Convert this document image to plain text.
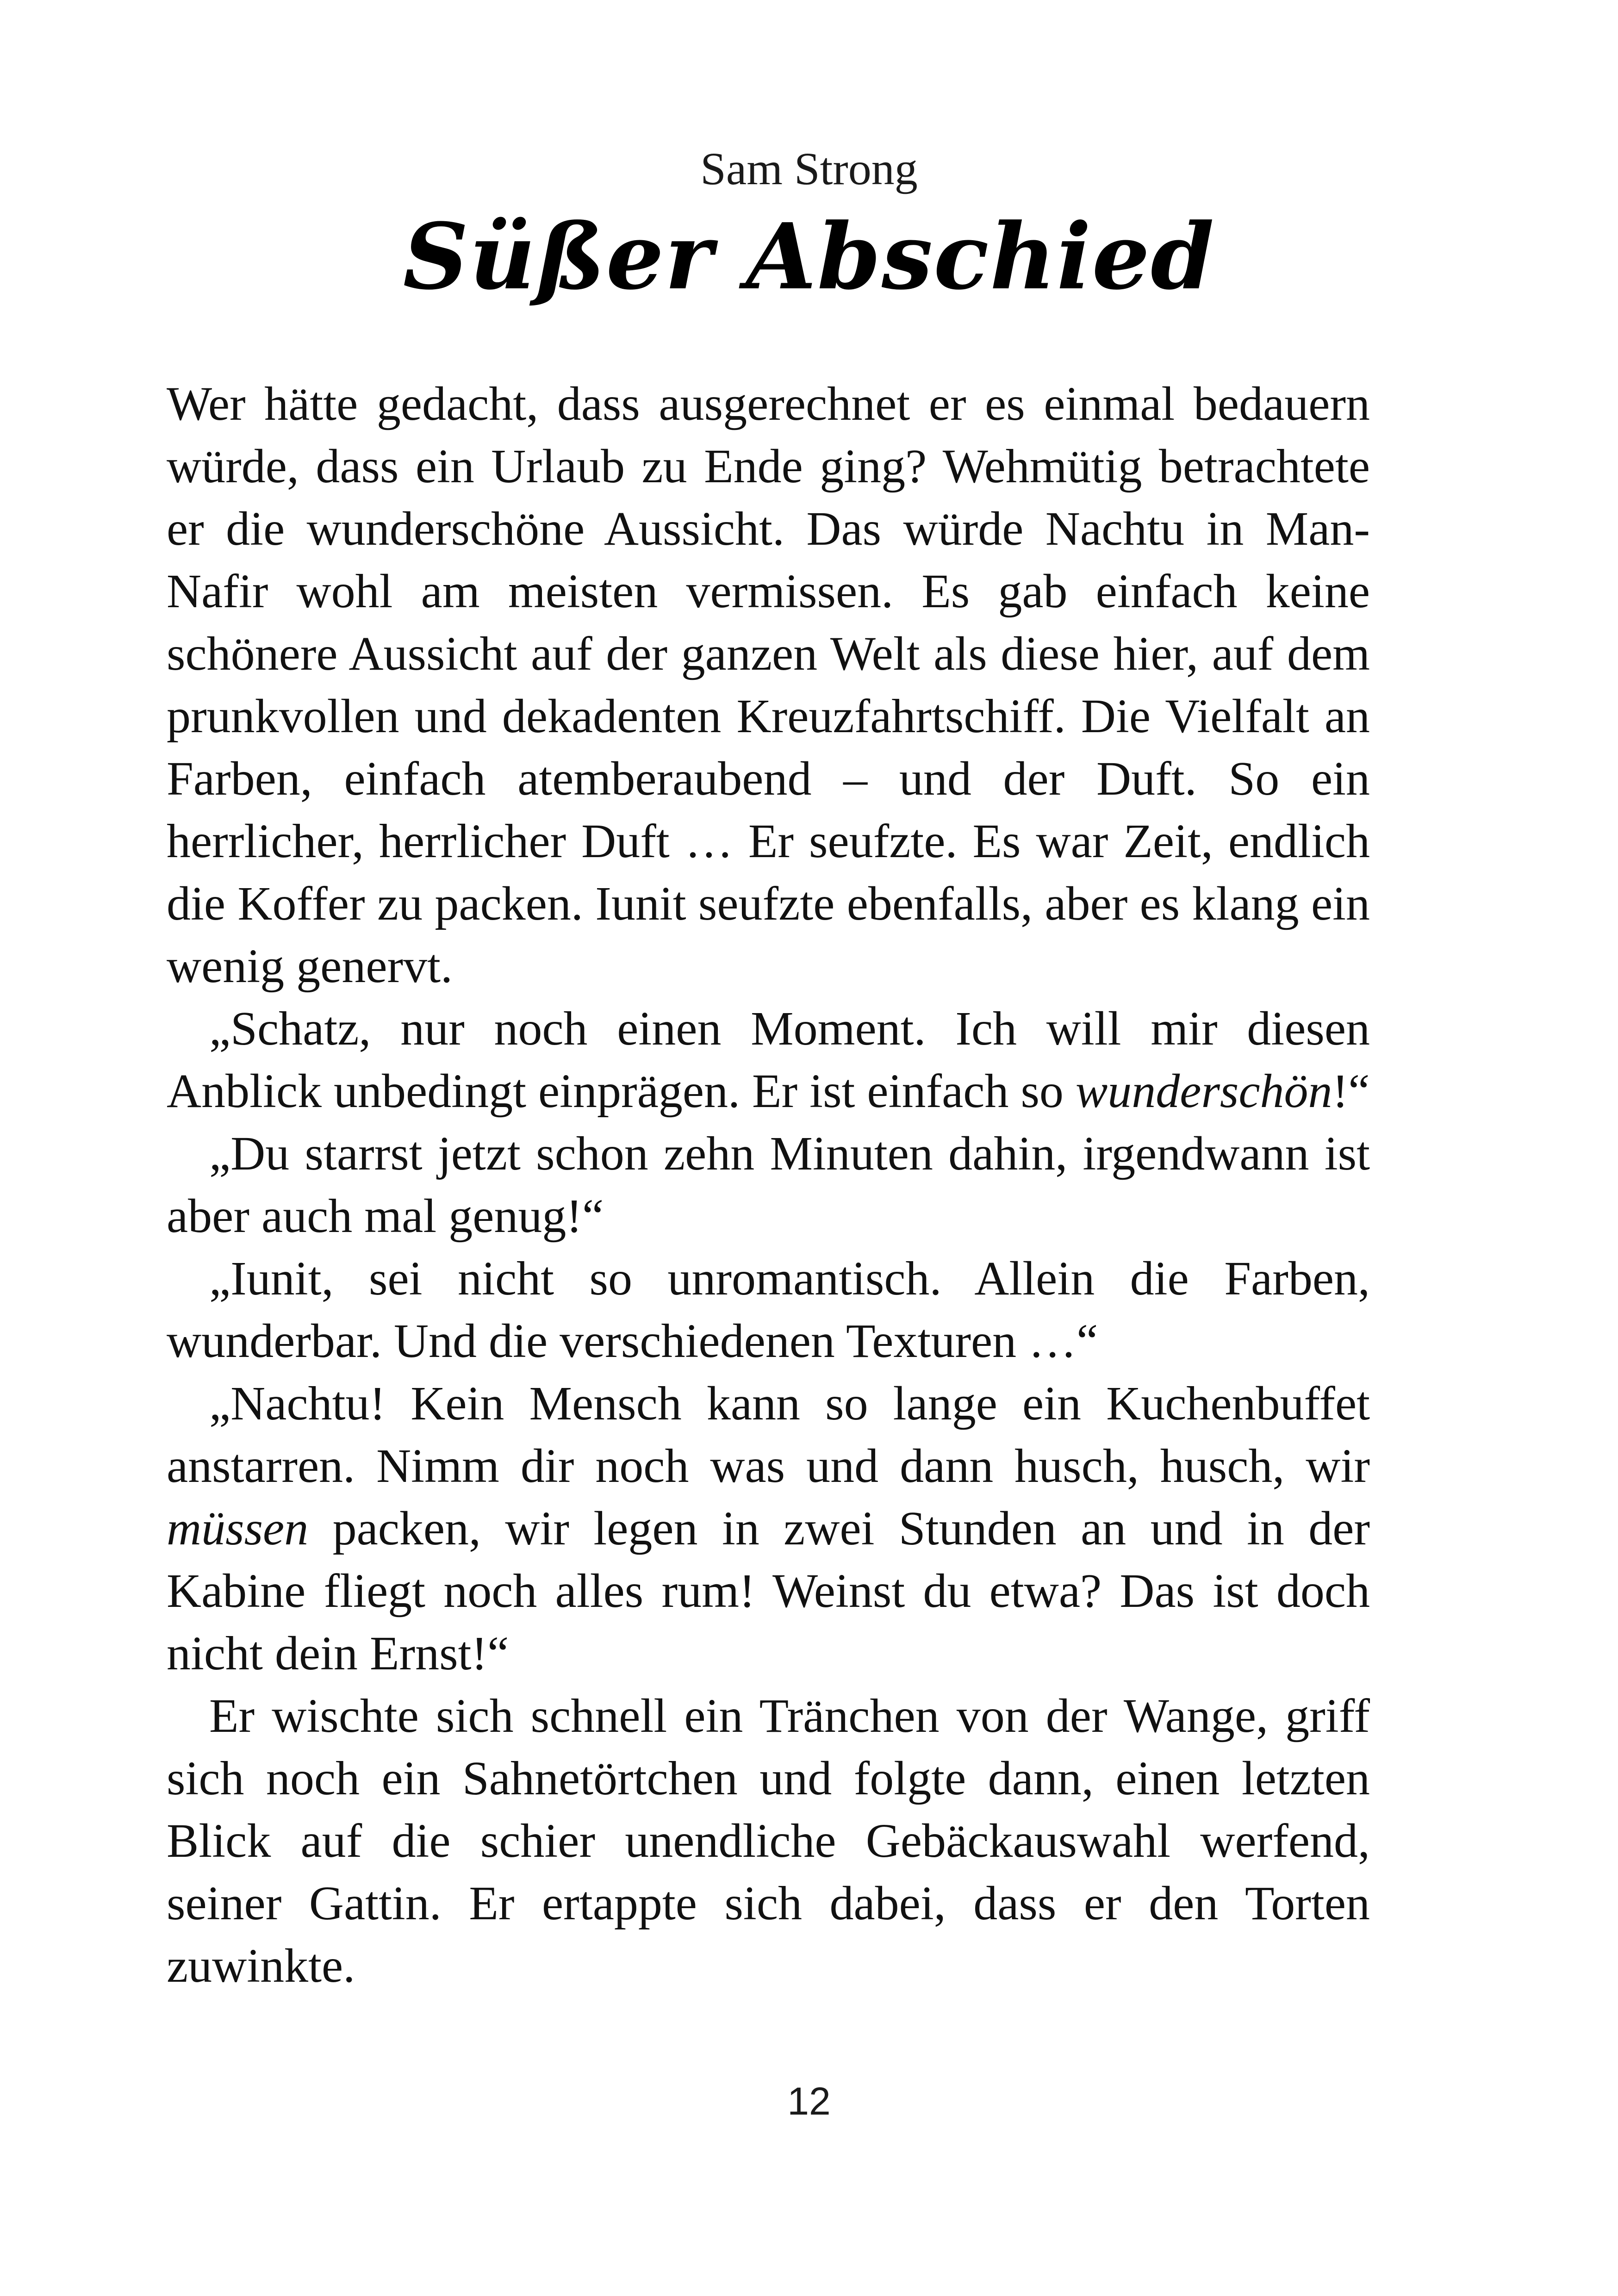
Sam Strong
Süßer Abschied

Wer hätte gedacht, dass ausgerechnet er es einmal bedauern würde, dass ein Urlaub zu Ende ging? Wehmütig betrachtete er die wunderschöne Aussicht. Das würde Nachtu in Man-Nafir wohl am meisten vermissen. Es gab einfach keine schönere Aussicht auf der ganzen Welt als diese hier, auf dem prunkvollen und dekadenten Kreuzfahrtschiff. Die Vielfalt an Farben, einfach atemberaubend – und der Duft. So ein herrlicher, herrlicher Duft … Er seufzte. Es war Zeit, endlich die Koffer zu packen. Iunit seufzte ebenfalls, aber es klang ein wenig genervt.

„Schatz, nur noch einen Moment. Ich will mir diesen Anblick unbedingt einprägen. Er ist einfach so wunderschön!“

„Du starrst jetzt schon zehn Minuten dahin, irgendwann ist aber auch mal genug!“

„Iunit, sei nicht so unromantisch. Allein die Farben, wunderbar. Und die verschiedenen Texturen …“

„Nachtu! Kein Mensch kann so lange ein Kuchenbuffet anstarren. Nimm dir noch was und dann husch, husch, wir müssen packen, wir legen in zwei Stunden an und in der Kabine fliegt noch alles rum! Weinst du etwa? Das ist doch nicht dein Ernst!“

Er wischte sich schnell ein Tränchen von der Wange, griff sich noch ein Sahnetörtchen und folgte dann, einen letzten Blick auf die schier unendliche Gebäckauswahl werfend, seiner Gattin. Er ertappte sich dabei, dass er den Torten zuwinkte.

12
